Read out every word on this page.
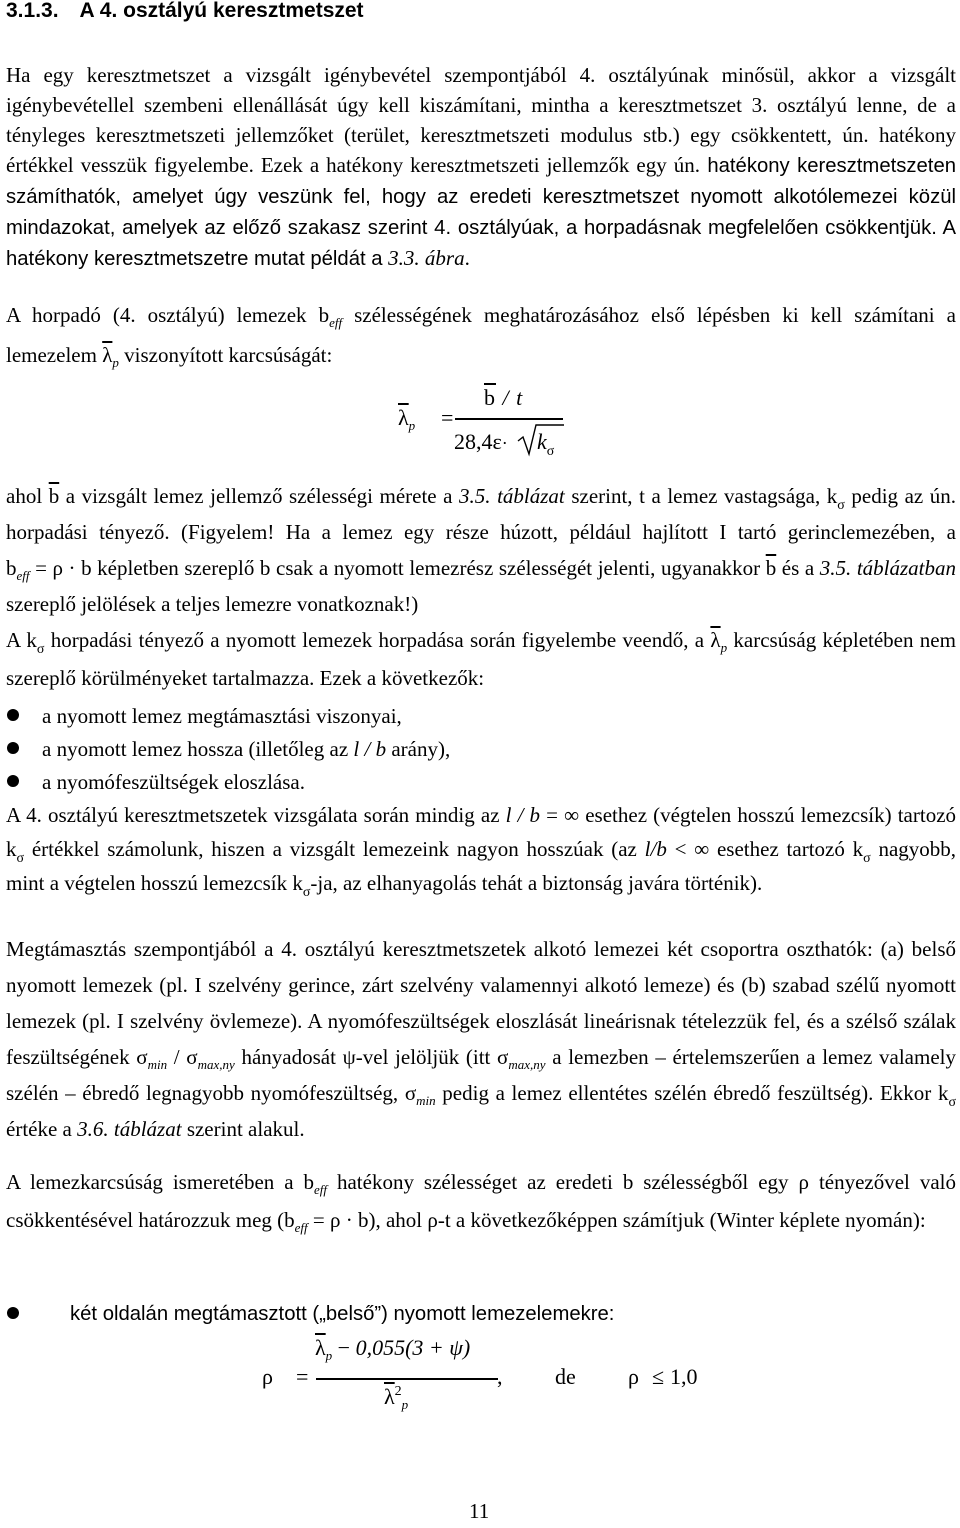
3.1.3. A 4. osztályú keresztmetszet
Ha egy keresztmetszet a vizsgált igénybevétel szempontjából 4. osztályúnak minősül, akkor a vizsgált igénybevétellel szembeni ellenállását úgy kell kiszámítani, mintha a keresztmetszet 3. osztályú lenne, de a tényleges keresztmetszeti jellemzőket (terület, keresztmetszeti modulus stb.) egy csökkentett, ún. hatékony értékkel vesszük figyelembe. Ezek a hatékony keresztmetszeti jellemzők egy ún. hatékony keresztmetszeten számíthatók, amelyet úgy veszünk fel, hogy az eredeti keresztmetszet nyomott alkotólemezei közül mindazokat, amelyek az előző szakasz szerint 4. osztályúak, a horpadásnak megfelelően csökkentjük. A hatékony keresztmetszetre mutat példát a 3.3. ábra.
A horpadó (4. osztályú) lemezek $b_{eff}$ szélességének meghatározásához első lépésben ki kell számítani a lemezelem $\overline{\lambda}_p$ viszonyított karcsúságát:
$\overline{\lambda}_p$ =
$\overline{b}$ / t
$28,4\varepsilon\cdot k_\sigma$
ahol $\overline{b}$ a vizsgált lemez jellemző szélességi mérete a 3.5. táblázat szerint, t a lemez vastagsága, $k_\sigma$ pedig az ún. horpadási tényező. (Figyelem! Ha a lemez egy része húzott, például hajlított I tartó gerinclemezében, a $b_{eff} = \rho \cdot b$ képletben szereplő b csak a nyomott lemezrész szélességét jelenti, ugyanakkor $\overline{b}$ és a 3.5. táblázatban szereplő jelölések a teljes lemezre vonatkoznak!)
A $k_\sigma$ horpadási tényező a nyomott lemezek horpadása során figyelembe veendő, a $\overline{\lambda}_p$ karcsúság képletében nem szereplő körülményeket tartalmazza. Ezek a következők:
a nyomott lemez megtámasztási viszonyai,
a nyomott lemez hossza (illetőleg az l / b arány),
a nyomófeszültségek eloszlása.
A 4. osztályú keresztmetszetek vizsgálata során mindig az l / b = ∞ esethez (végtelen hosszú lemezcsík) tartozó $k_\sigma$ értékkel számolunk, hiszen a vizsgált lemezeink nagyon hosszúak (az l/b < ∞ esethez tartozó $k_\sigma$ nagyobb, mint a végtelen hosszú lemezcsík $k_\sigma-ja$, az elhanyagolás tehát a biztonság javára történik).
Megtámasztás szempontjából a 4. osztályú keresztmetszetek alkotó lemezei két csoportra oszthatók: (a) belső nyomott lemezek (pl. I szelvény gerince, zárt szelvény valamennyi alkotó lemeze) és (b) szabad szélű nyomott lemezek (pl. I szelvény övlemeze). A nyomófeszültségek eloszlását lineárisnak tételezzük fel, és a szélső szálak feszültségének $\sigma_{min} / \sigma_{max,ny}$ hányadosát ψ-vel jelöljük (itt $\sigma_{max,ny}$ a lemezben – értelemszerűen a lemez valamely szélén – ébredő legnagyobb nyomófeszültség, $\sigma_{min}$ pedig a lemez ellentétes szélén ébredő feszültség). Ekkor $k_\sigma$ értéke a 3.6. táblázat szerint alakul.
A lemezkarcsúság ismeretében a $b_{eff}$ hatékony szélességet az eredeti b szélességből egy ρ tényezővel való csökkentésével határozzuk meg $(b_{eff} = \rho \cdot b)$, ahol ρ-t a következőképpen számítjuk (Winter képlete nyomán):
két oldalán megtámasztott („belső”) nyomott lemezelemekre:
ρ =
$\overline{\lambda}_p - 0,055(3 + \psi)$
$\overline{\lambda}^2_p$
, de ρ ≤ 1,0
11
